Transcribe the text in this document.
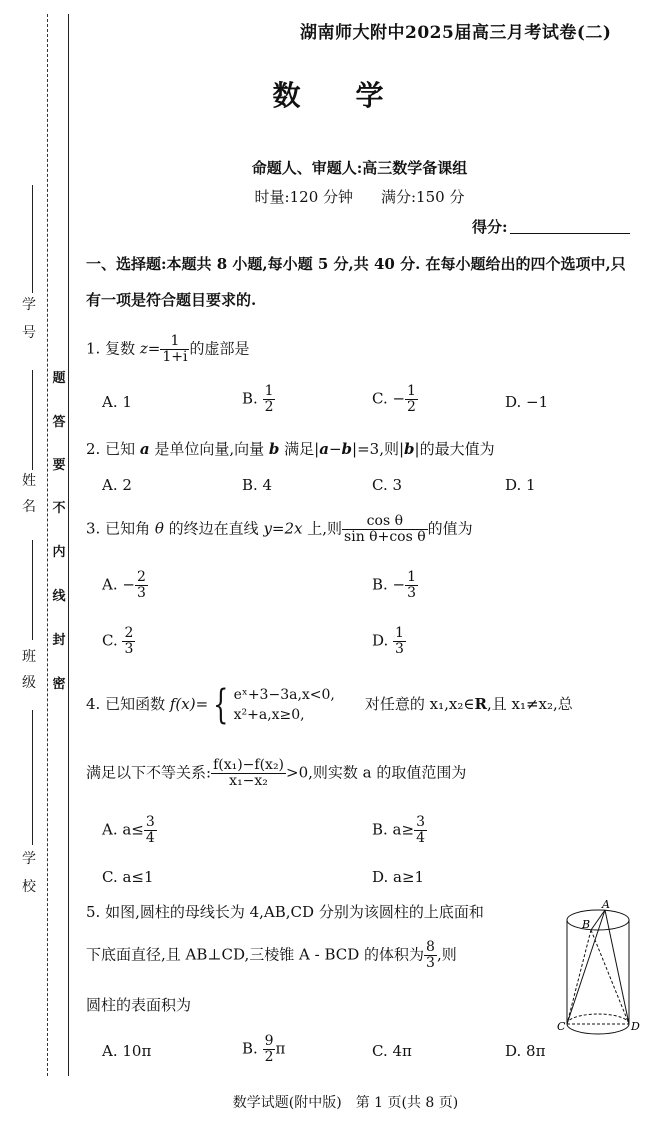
学
号
姓
名
班
级
学
校
题
答
要
不
内
线
封
密
湖南师大附中2025届高三月考试卷(二)
数学
命题人、审题人:高三数学备课组
时量:120 分钟 满分:150 分
得分:
一、选择题:本题共 8 小题,每小题 5 分,共 40 分. 在每小题给出的四个选项中,只有一项是符合题目要求的.
1. 复数 $z= \frac{1}{1+i}$ 的虚部是
A. 1	B. $\frac{1}{2}$	C. − $\frac{1}{2}$	D. −1
2. 已知 a 是单位向量,向量 b 满足|a−b|=3,则|b|的最大值为
A. 2	B. 4	C. 3	D. 1
3. 已知角 θ 的终边在直线 y=2x 上,则 $\frac{\text{cos θ}}{\text{sin θ+cos θ}}$ 的值为
A. − $\frac{2}{3}$	B. − $\frac{1}{3}$
C. $\frac{2}{3}$	D. $\frac{1}{3}$
4. 已知函数 f(x)= { eˣ+3−3a,x<0,
x²+a,x≥0,
对任意的 x₁,x₂∈R,且 x₁≠x₂,总
满足以下不等关系: $\frac{\text{f(x₁)−f(x₂)}}{\text{x₁−x₂}} >0$,则实数 a 的取值范围为
A. $a\le \frac{3}{4}$	B. $a\ge \frac{3}{4}$
C. a≤1	D. a≥1
5. 如图,圆柱的母线长为 4,AB,CD 分别为该圆柱的上底面和
下底面直径,且 AB⊥CD,三棱锥 A - BCD 的体积为 $\frac{8}{3}$ ,则
圆柱的表面积为
A. 10π	B. $\frac{9}{2}$ π	C. 4π	D. 8π
A
B
C	D
数学试题(附中版)　第 1 页(共 8 页)
